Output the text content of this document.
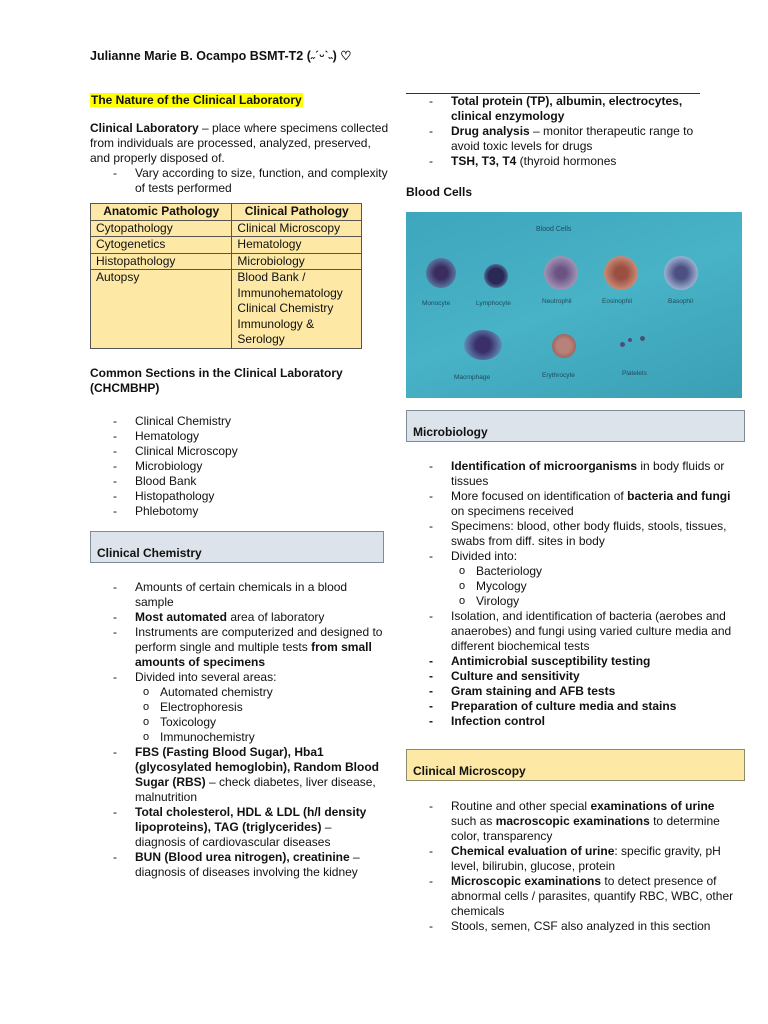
Julianne Marie B. Ocampo BSMT-T2 (˶ˊᵕˋ˵) ♡
The Nature of the Clinical Laboratory

Clinical Laboratory – place where specimens collected from individuals are processed, analyzed, preserved, and properly disposed of.

- Vary according to size, function, and complexity of tests performed
Anatomic Pathology	Clinical Pathology
Cytopathology	Clinical Microscopy
Cytogenetics	Hematology
Histopathology	Microbiology
Autopsy	Blood Bank /
Immunohematology
Clinical Chemistry
Immunology &
Serology

Common Sections in the Clinical Laboratory (CHCMBHP)

- Clinical Chemistry
- Hematology
- Clinical Microscopy
- Microbiology
- Blood Bank
- Histopathology
- Phlebotomy
Clinical Chemistry
- Amounts of certain chemicals in a blood sample
- Most automated area of laboratory
- Instruments are computerized and designed to perform single and multiple tests from small amounts of specimens
- Divided into several areas:
o Automated chemistry
o Electrophoresis
o Toxicology
o Immunochemistry
- FBS (Fasting Blood Sugar), Hba1 (glycosylated hemoglobin), Random Blood Sugar (RBS) – check diabetes, liver disease, malnutrition
- Total cholesterol, HDL & LDL (h/l density lipoproteins), TAG (triglycerides) – diagnosis of cardiovascular diseases
- BUN (Blood urea nitrogen), creatinine – diagnosis of diseases involving the kidney
- Total protein (TP), albumin, electrocytes, clinical enzymology
- Drug analysis – monitor therapeutic range to avoid toxic levels for drugs
- TSH, T3, T4 (thyroid hormones

Blood Cells

Blood Cells
Monocyte	Lymphocyte	Neutrophil	Eosinophil	Basophil
Macrophage	Erythrocyte	Platelets
Microbiology
- Identification of microorganisms in body fluids or tissues
- More focused on identification of bacteria and fungi on specimens received
- Specimens: blood, other body fluids, stools, tissues, swabs from diff. sites in body
- Divided into:
o Bacteriology
o Mycology
o Virology
- Isolation, and identification of bacteria (aerobes and anaerobes) and fungi using varied culture media and different biochemical tests
- Antimicrobial susceptibility testing
- Culture and sensitivity
- Gram staining and AFB tests
- Preparation of culture media and stains
- Infection control
Clinical Microscopy
- Routine and other special examinations of urine such as macroscopic examinations to determine color, transparency
- Chemical evaluation of urine: specific gravity, pH level, bilirubin, glucose, protein
- Microscopic examinations to detect presence of abnormal cells / parasites, quantify RBC, WBC, other chemicals
- Stools, semen, CSF also analyzed in this section
